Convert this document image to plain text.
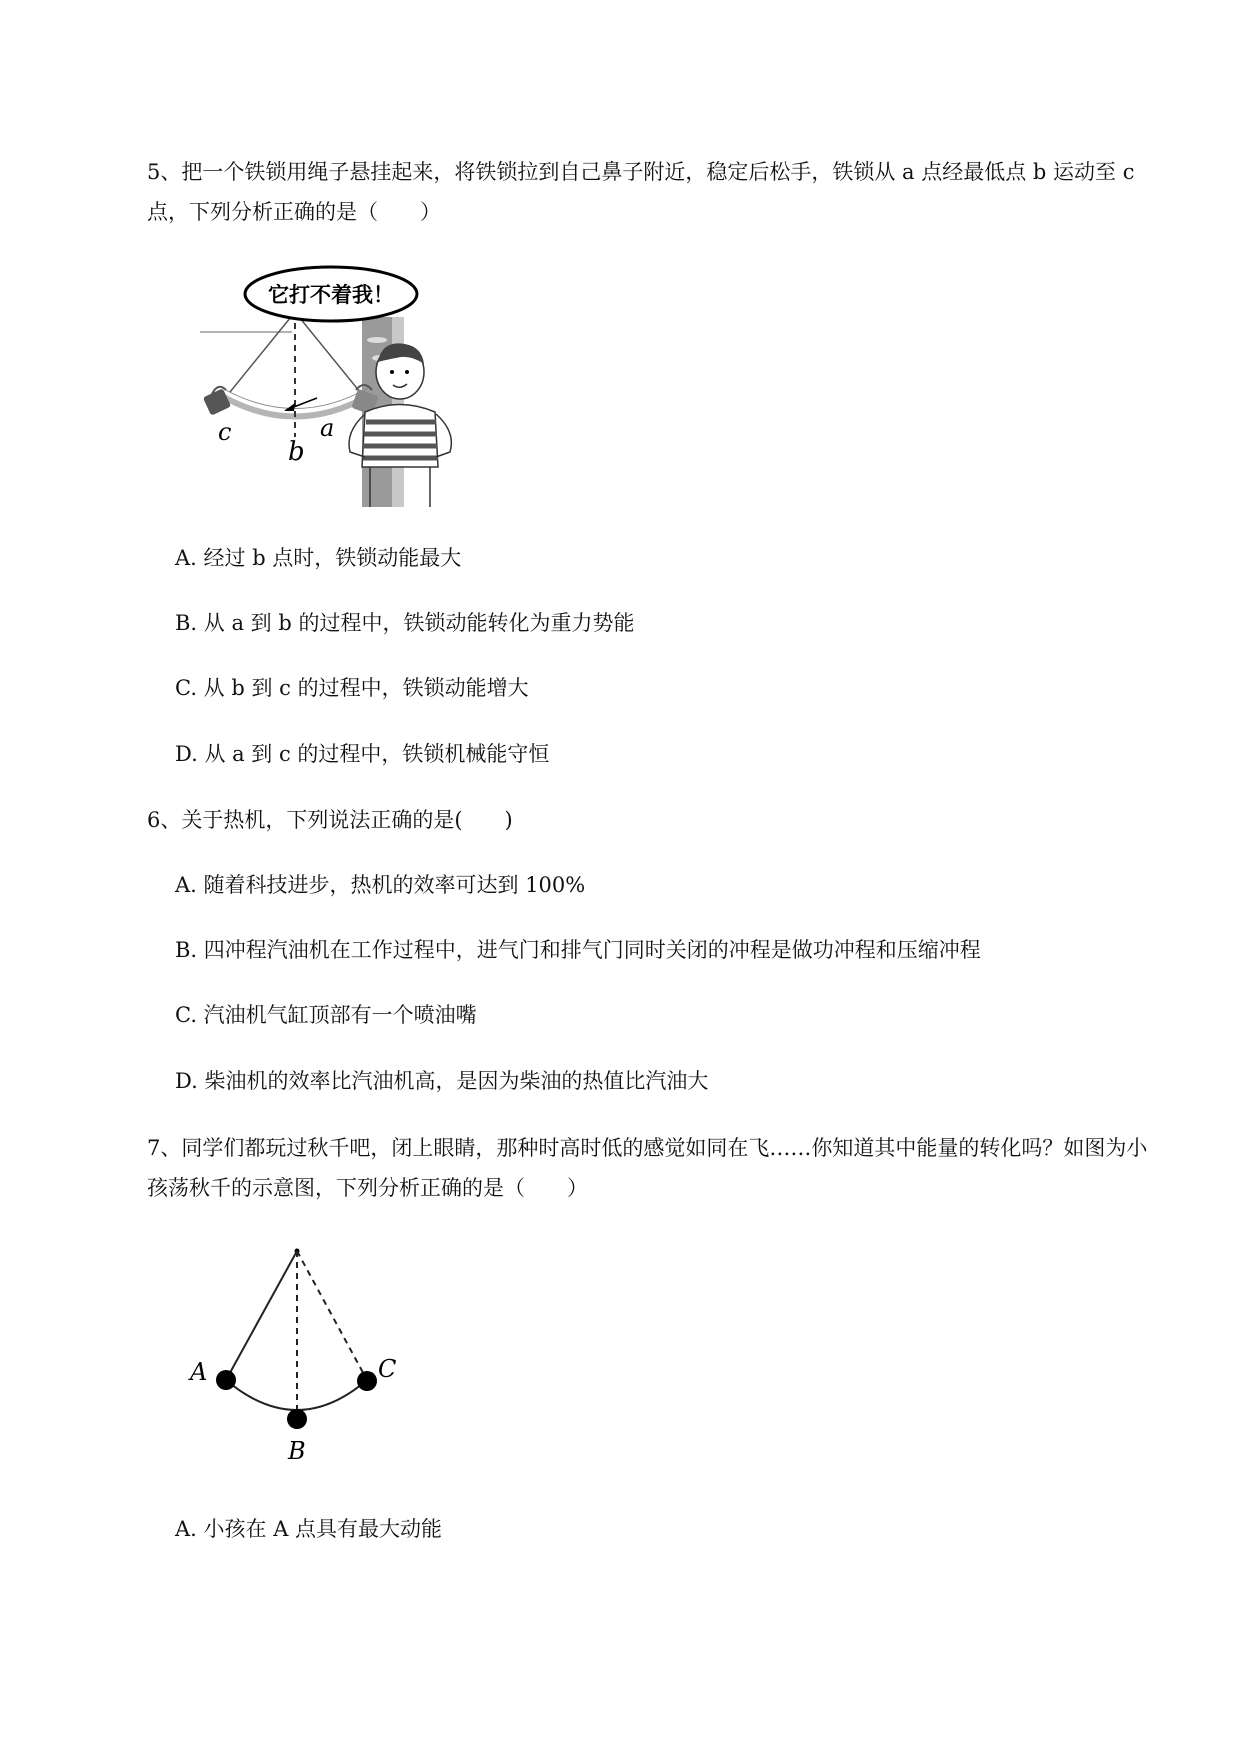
5、把一个铁锁用绳子悬挂起来，将铁锁拉到自己鼻子附近，稳定后松手，铁锁从 a 点经最低点 b 运动至 c 点，下列分析正确的是（　　）
它打不着我！
c
b
a
A. 经过 b 点时，铁锁动能最大
B. 从 a 到 b 的过程中，铁锁动能转化为重力势能
C. 从 b 到 c 的过程中，铁锁动能增大
D. 从 a 到 c 的过程中，铁锁机械能守恒
6、关于热机，下列说法正确的是(　　)
A. 随着科技进步，热机的效率可达到 100%
B. 四冲程汽油机在工作过程中，进气门和排气门同时关闭的冲程是做功冲程和压缩冲程
C. 汽油机气缸顶部有一个喷油嘴
D. 柴油机的效率比汽油机高，是因为柴油的热值比汽油大
7、同学们都玩过秋千吧，闭上眼睛，那种时高时低的感觉如同在飞……你知道其中能量的转化吗？如图为小孩荡秋千的示意图，下列分析正确的是（　　）
A
B
C
A. 小孩在 A 点具有最大动能
